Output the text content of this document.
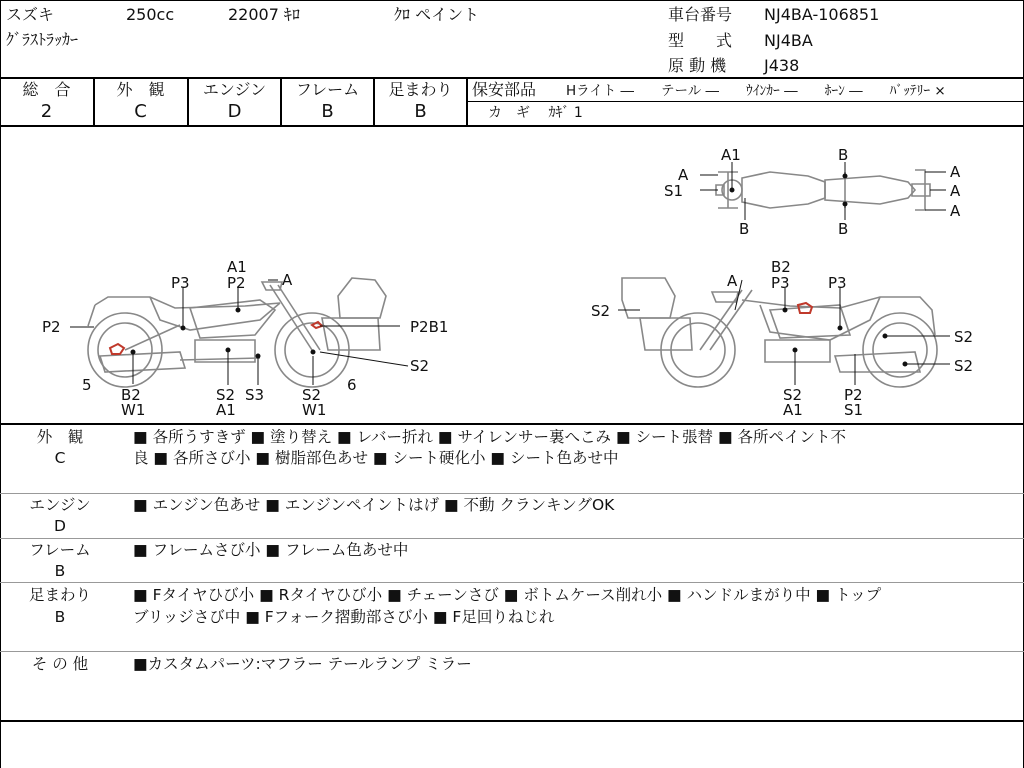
スズキ	250cc	22007 ｷﾛ	ｸﾛ ペイント
ｸﾞﾗｽﾄﾗｯｶｰ
車台番号 NJ4BA-106851
型　　式 NJ4BA
原 動 機 J438
総　合
2
外　観
C
エンジン
D
フレーム
B
足まわり
B
保安部品 Hライト ―　　テール ―　　ｳｲﾝｶｰ ―　　ﾎｰﾝ ―　　ﾊﾞｯﾃﾘｰ ×
カ　ギ　 ｶｷﾞ 1
A1	B
A
S1
A
A
A
B	B
A1
P2 A
P3
P2	P2B1
S2
5
B2
W1
S2
A1
S3	S2
W1
6
B2
A P3	P3
S2
S2
S2
S2
A1
P2
S1
外　観
C
■ 各所うすきず ■ 塗り替え ■ レバー折れ ■ サイレンサー裏へこみ ■ シート張替 ■ 各所ペイント不
良 ■ 各所さび小 ■ 樹脂部色あせ ■ シート硬化小 ■ シート色あせ中
エンジン
D
■ エンジン色あせ ■ エンジンペイントはげ ■ 不動 クランキングOK
フレーム
B
■ フレームさび小 ■ フレーム色あせ中
足まわり
B
■ Fタイヤひび小 ■ Rタイヤひび小 ■ チェーンさび ■ ボトムケース削れ小 ■ ハンドルまがり中 ■ トップ
ブリッジさび中 ■ Fフォーク摺動部さび小 ■ F足回りねじれ
そ の 他	■カスタムパーツ:マフラー テールランプ ミラー
